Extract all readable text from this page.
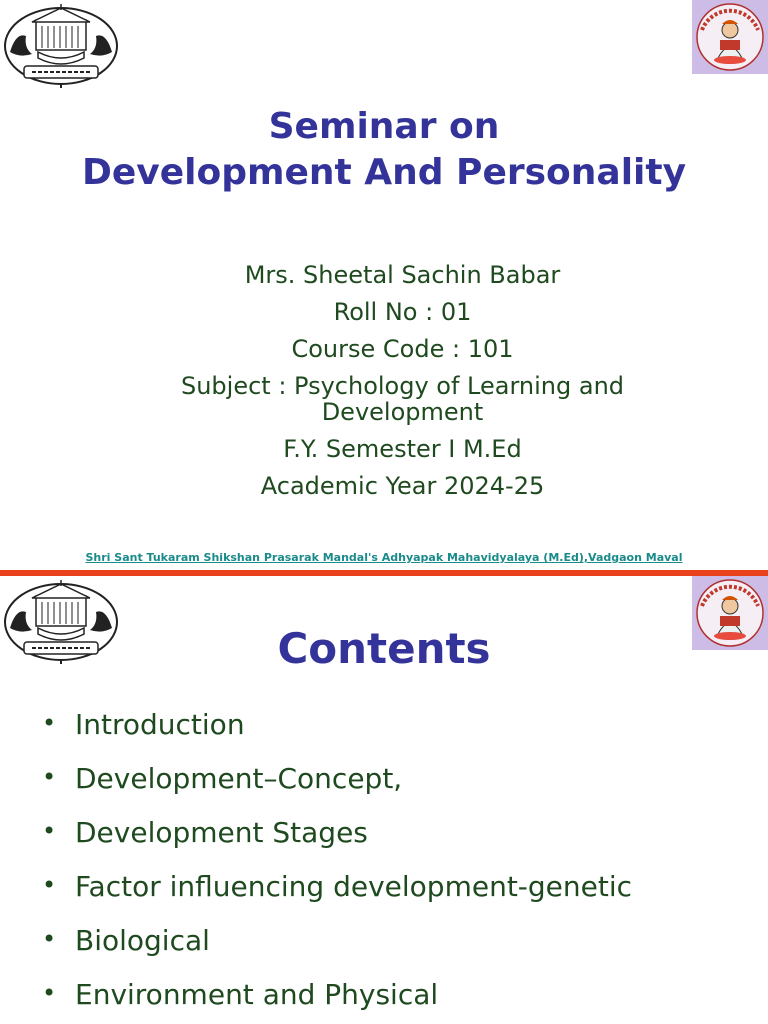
Seminar on
Development And Personality
Mrs. Sheetal Sachin Babar
Roll No : 01
Course Code : 101
Subject : Psychology of Learning and Development
F.Y. Semester I M.Ed
Academic Year 2024-25
Shri Sant Tukaram Shikshan Prasarak Mandal's Adhyapak Mahavidyalaya (M.Ed),Vadgaon Maval
Contents
• Introduction
• Development–Concept,
• Development Stages
• Factor influencing development-genetic
• Biological
• Environment and Physical
